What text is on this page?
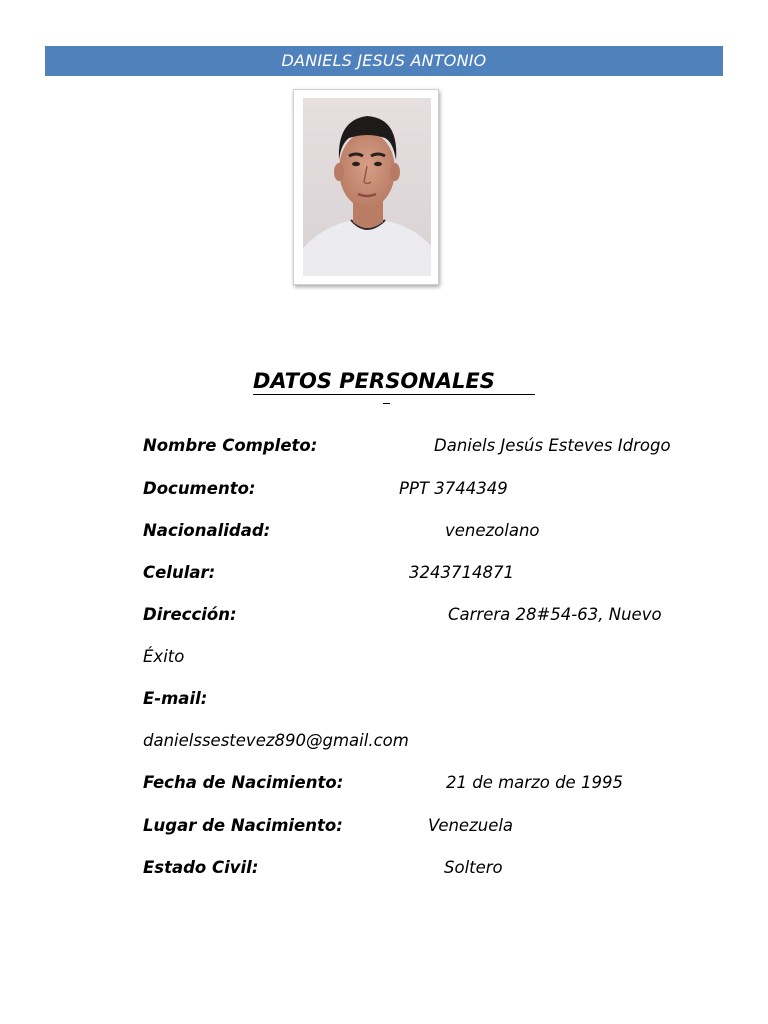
DANIELS JESUS ANTONIO
DATOS PERSONALES
Nombre Completo:	Daniels Jesús Esteves Idrogo
Documento:	PPT 3744349
Nacionalidad:	venezolano
Celular:	3243714871
Dirección:	Carrera 28#54-63, Nuevo
Éxito
E-mail:
danielssestevez890@gmail.com
Fecha de Nacimiento:	21 de marzo de 1995
Lugar de Nacimiento:	Venezuela
Estado Civil:	Soltero
